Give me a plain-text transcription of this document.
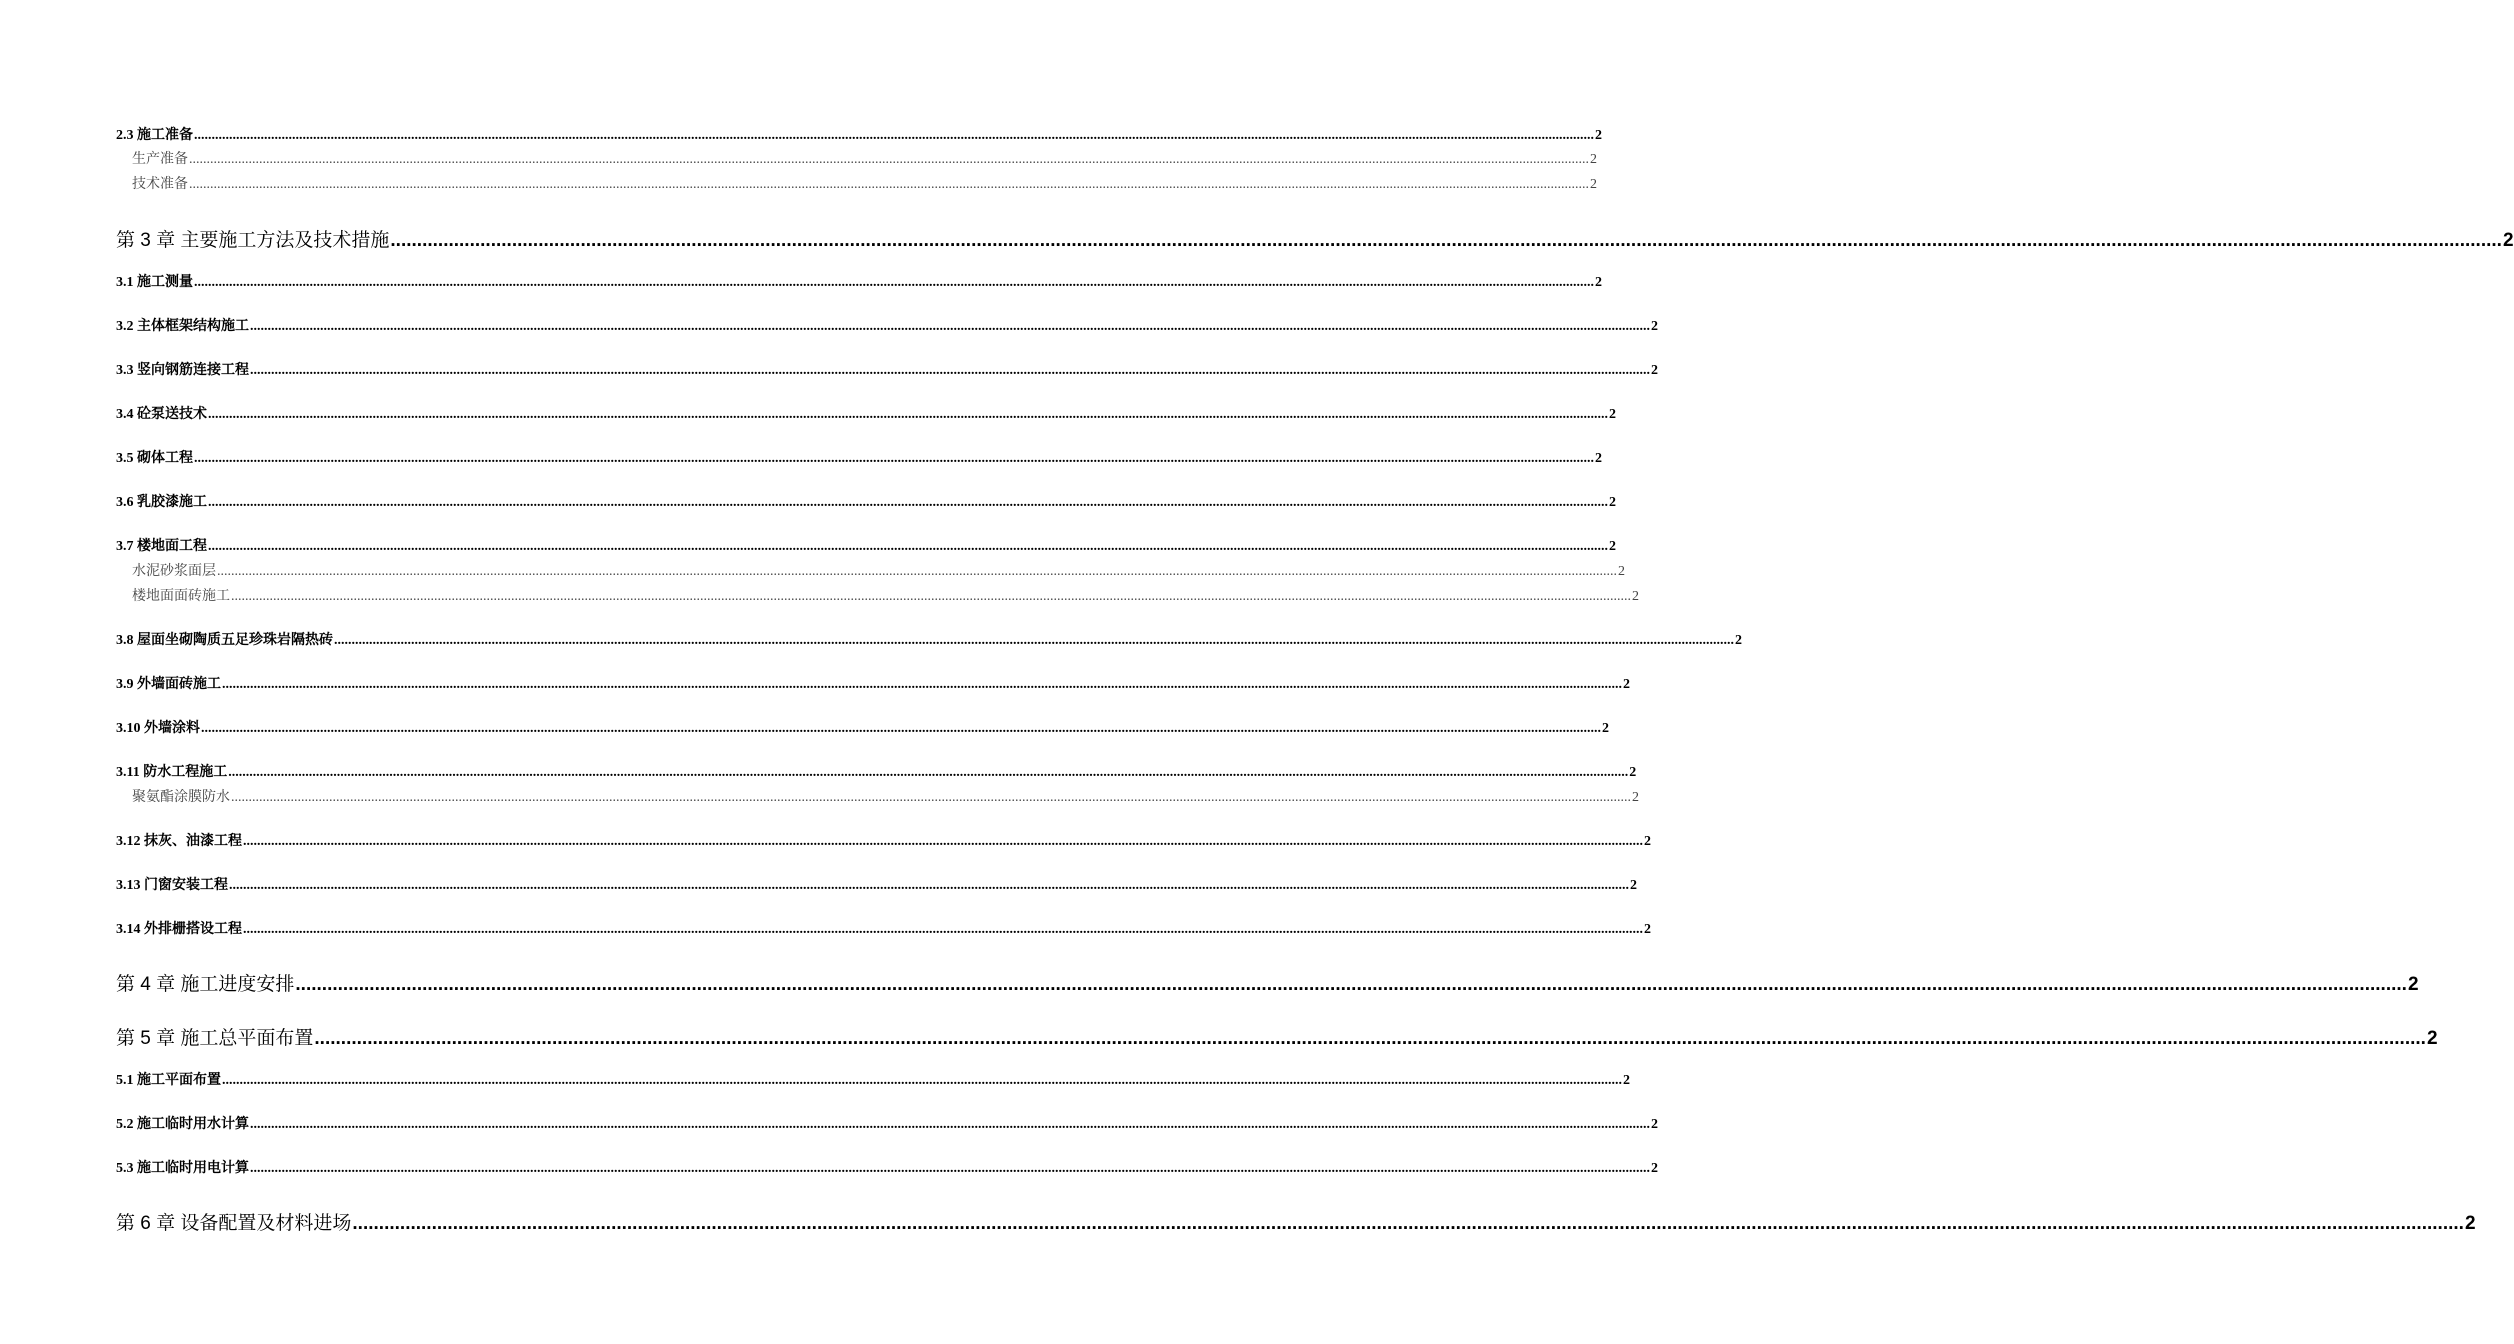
2.3 施工准备 ................................................................................................................................................................................................................................................................................................................................................................................................................ 2
生产准备 ................................................................................................................................................................................................................................................................................................................................................................................................................ 2
技术准备 ................................................................................................................................................................................................................................................................................................................................................................................................................ 2
第 3 章 主要施工方法及技术措施 ................................................................................................................................................................................................................................................................................................................................................................................................................ 2
3.1 施工测量 ................................................................................................................................................................................................................................................................................................................................................................................................................ 2
3.2 主体框架结构施工 ................................................................................................................................................................................................................................................................................................................................................................................................................ 2
3.3 竖向钢筋连接工程 ................................................................................................................................................................................................................................................................................................................................................................................................................ 2
3.4 砼泵送技术 ................................................................................................................................................................................................................................................................................................................................................................................................................ 2
3.5 砌体工程 ................................................................................................................................................................................................................................................................................................................................................................................................................ 2
3.6 乳胶漆施工 ................................................................................................................................................................................................................................................................................................................................................................................................................ 2
3.7 楼地面工程 ................................................................................................................................................................................................................................................................................................................................................................................................................ 2
水泥砂浆面层 ................................................................................................................................................................................................................................................................................................................................................................................................................ 2
楼地面面砖施工 ................................................................................................................................................................................................................................................................................................................................................................................................................ 2
3.8 屋面坐砌陶质五足珍珠岩隔热砖 ................................................................................................................................................................................................................................................................................................................................................................................................................ 2
3.9 外墙面砖施工 ................................................................................................................................................................................................................................................................................................................................................................................................................ 2
3.10 外墙涂料 ................................................................................................................................................................................................................................................................................................................................................................................................................ 2
3.11 防水工程施工 ................................................................................................................................................................................................................................................................................................................................................................................................................ 2
聚氨酯涂膜防水 ................................................................................................................................................................................................................................................................................................................................................................................................................ 2
3.12 抹灰、油漆工程 ................................................................................................................................................................................................................................................................................................................................................................................................................ 2
3.13 门窗安装工程 ................................................................................................................................................................................................................................................................................................................................................................................................................ 2
3.14 外排栅搭设工程 ................................................................................................................................................................................................................................................................................................................................................................................................................ 2
第 4 章 施工进度安排 ................................................................................................................................................................................................................................................................................................................................................................................................................ 2
第 5 章 施工总平面布置 ................................................................................................................................................................................................................................................................................................................................................................................................................ 2
5.1 施工平面布置 ................................................................................................................................................................................................................................................................................................................................................................................................................ 2
5.2 施工临时用水计算 ................................................................................................................................................................................................................................................................................................................................................................................................................ 2
5.3 施工临时用电计算 ................................................................................................................................................................................................................................................................................................................................................................................................................ 2
第 6 章 设备配置及材料进场 ................................................................................................................................................................................................................................................................................................................................................................................................................ 2
